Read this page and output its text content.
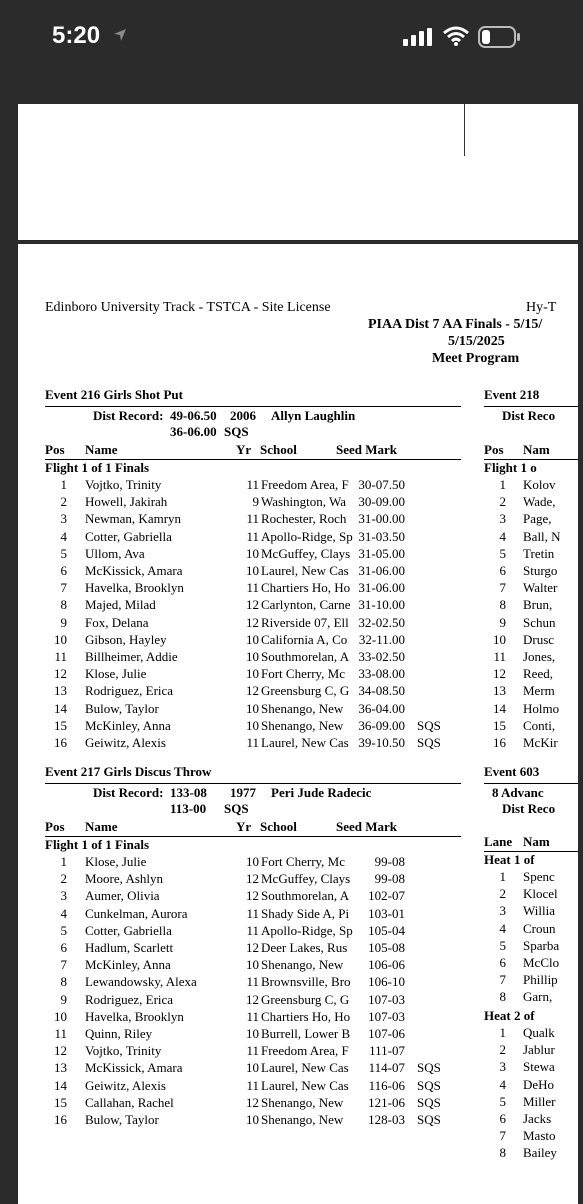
5:20
Edinboro University Track - TSTCA - Site License	Hy-T
PIAA Dist 7 AA Finals - 5/15/
5/15/2025
Meet Program
Event 216 Girls Shot Put
Dist Record: 49-06.50 2006 Allyn Laughlin
36-06.00 SQS
Pos Name	Yr School	Seed Mark
Flight 1 of 1 Finals
1 Vojtko, Trinity	11 Freedom Area, F 30-07.50
2 Howell, Jakirah	9 Washington, Wa 30-09.00
3 Newman, Kamryn	11 Rochester, Roch 31-00.00
4 Cotter, Gabriella	11 Apollo-Ridge, Sp 31-03.50
5 Ullom, Ava	10 McGuffey, Clays 31-05.00
6 McKissick, Amara	10 Laurel, New Cas 31-06.00
7 Havelka, Brooklyn	11 Chartiers Ho, Ho 31-06.00
8 Majed, Milad	12 Carlynton, Carne 31-10.00
9 Fox, Delana	12 Riverside 07, Ell 32-02.50
10 Gibson, Hayley	10 California A, Co 32-11.00
11 Billheimer, Addie	10 Southmorelan, A 33-02.50
12 Klose, Julie	10 Fort Cherry, Mc	33-08.00
13 Rodriguez, Erica	12 Greensburg C, G 34-08.50
14 Bulow, Taylor	10 Shenango, New	36-04.00
15 McKinley, Anna	10 Shenango, New	36-09.00 SQS
16 Geiwitz, Alexis	11 Laurel, New Cas 39-10.50 SQS
Event 217 Girls Discus Throw
Dist Record: 133-08 1977 Peri Jude Radecic
113-00 SQS
Pos Name	Yr School	Seed Mark
Flight 1 of 1 Finals
1 Klose, Julie	10 Fort Cherry, Mc	99-08
2 Moore, Ashlyn	12 McGuffey, Clays	99-08
3 Aumer, Olivia	12 Southmorelan, A	102-07
4 Cunkelman, Aurora	11 Shady Side A, Pi	103-01
5 Cotter, Gabriella	11 Apollo-Ridge, Sp	105-04
6 Hadlum, Scarlett	12 Deer Lakes, Rus	105-08
7 McKinley, Anna	10 Shenango, New	106-06
8 Lewandowsky, Alexa	11 Brownsville, Bro	106-10
9 Rodriguez, Erica	12 Greensburg C, G	107-03
10 Havelka, Brooklyn	11 Chartiers Ho, Ho	107-03
11 Quinn, Riley	10 Burrell, Lower B	107-06
12 Vojtko, Trinity	11 Freedom Area, F	111-07
13 McKissick, Amara	10 Laurel, New Cas	114-07 SQS
14 Geiwitz, Alexis	11 Laurel, New Cas	116-06 SQS
15 Callahan, Rachel	12 Shenango, New	121-06 SQS
16 Bulow, Taylor	10 Shenango, New	128-03 SQS
Event 218
Dist Reco
Pos Nam
Flight 1 o
1 Kolov
2 Wade,
3 Page,
4 Ball, N
5 Tretin
6 Sturgo
7 Walter
8 Brun,
9 Schun
10 Drusc
11 Jones,
12 Reed,
13 Merm
14 Holmo
15 Conti,
16 McKir
Event 603
8 Advanc
Dist Reco
Lane Nam
Heat 1 of
1 Spenc
2 Klocel
3 Willia
4 Croun
5 Sparba
6 McClo
7 Phillip
8 Garn,
Heat 2 of
1 Qualk
2 Jablur
3 Stewa
4 DeHo
5 Miller
6 Jacks
7 Masto
8 Bailey
